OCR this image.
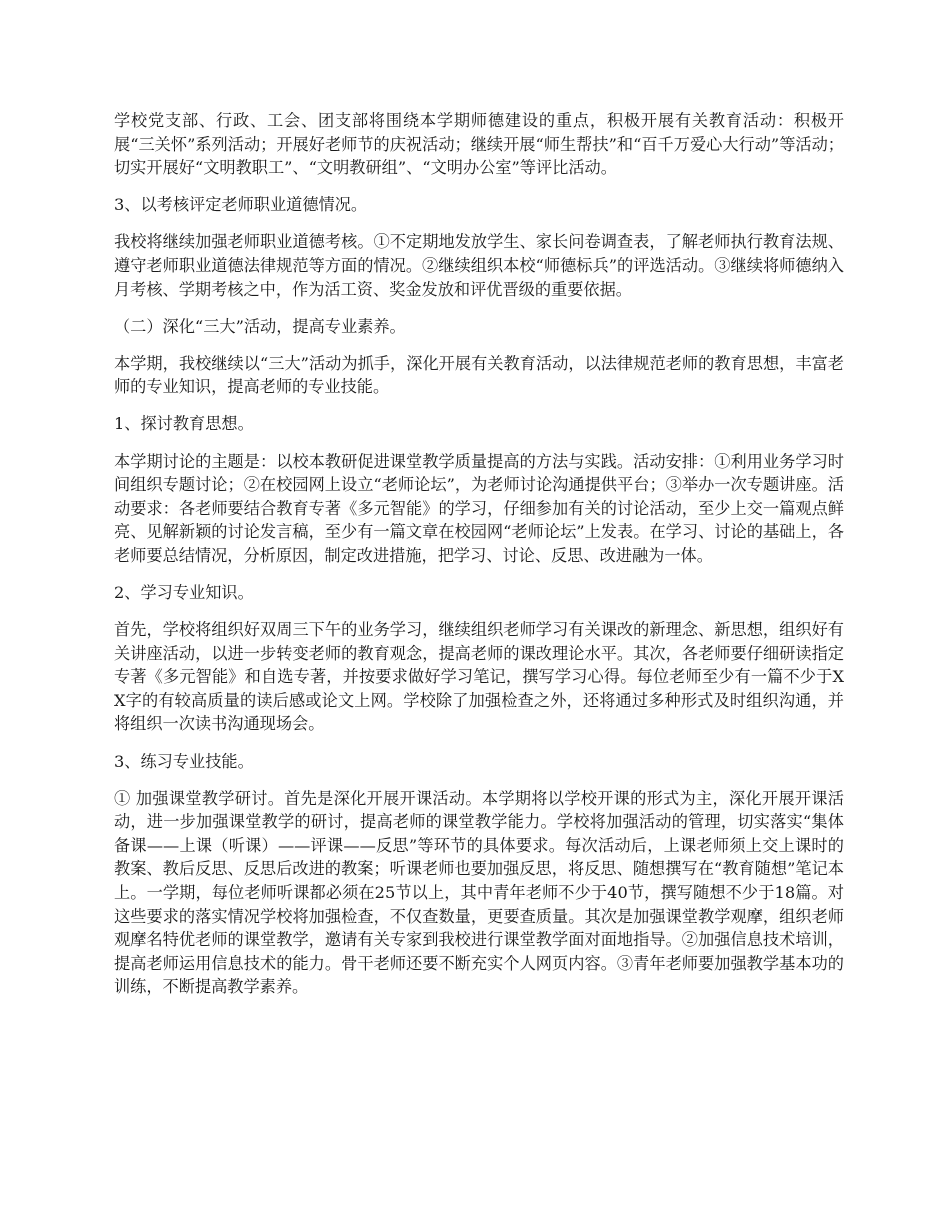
学校党支部、行政、工会、团支部将围绕本学期师德建设的重点，积极开展有关教育活动：积极开展“三关怀”系列活动；开展好老师节的庆祝活动；继续开展“师生帮扶”和“百千万爱心大行动”等活动；切实开展好“文明教职工”、“文明教研组”、“文明办公室”等评比活动。

3、以考核评定老师职业道德情况。

我校将继续加强老师职业道德考核。①不定期地发放学生、家长问卷调查表，了解老师执行教育法规、遵守老师职业道德法律规范等方面的情况。②继续组织本校“师德标兵”的评选活动。③继续将师德纳入月考核、学期考核之中，作为活工资、奖金发放和评优晋级的重要依据。

（二）深化“三大”活动，提高专业素养。

本学期，我校继续以“三大”活动为抓手，深化开展有关教育活动，以法律规范老师的教育思想，丰富老师的专业知识，提高老师的专业技能。

1、探讨教育思想。

本学期讨论的主题是：以校本教研促进课堂教学质量提高的方法与实践。活动安排：①利用业务学习时间组织专题讨论；②在校园网上设立“老师论坛”，为老师讨论沟通提供平台；③举办一次专题讲座。活动要求：各老师要结合教育专著《多元智能》的学习，仔细参加有关的讨论活动，至少上交一篇观点鲜亮、见解新颖的讨论发言稿，至少有一篇文章在校园网“老师论坛”上发表。在学习、讨论的基础上，各老师要总结情况，分析原因，制定改进措施，把学习、讨论、反思、改进融为一体。

2、学习专业知识。

首先，学校将组织好双周三下午的业务学习，继续组织老师学习有关课改的新理念、新思想，组织好有关讲座活动，以进一步转变老师的教育观念，提高老师的课改理论水平。其次，各老师要仔细研读指定专著《多元智能》和自选专著，并按要求做好学习笔记，撰写学习心得。每位老师至少有一篇不少于XX字的有较高质量的读后感或论文上网。学校除了加强检查之外，还将通过多种形式及时组织沟通，并将组织一次读书沟通现场会。

3、练习专业技能。

① 加强课堂教学研讨。首先是深化开展开课活动。本学期将以学校开课的形式为主，深化开展开课活动，进一步加强课堂教学的研讨，提高老师的课堂教学能力。学校将加强活动的管理，切实落实“集体备课——上课（听课）——评课——反思”等环节的具体要求。每次活动后，上课老师须上交上课时的教案、教后反思、反思后改进的教案；听课老师也要加强反思，将反思、随想撰写在“教育随想”笔记本上。一学期，每位老师听课都必须在25节以上，其中青年老师不少于40节，撰写随想不少于18篇。对这些要求的落实情况学校将加强检查，不仅查数量，更要查质量。其次是加强课堂教学观摩，组织老师观摩名特优老师的课堂教学，邀请有关专家到我校进行课堂教学面对面地指导。②加强信息技术培训，提高老师运用信息技术的能力。骨干老师还要不断充实个人网页内容。③青年老师要加强教学基本功的训练，不断提高教学素养。
